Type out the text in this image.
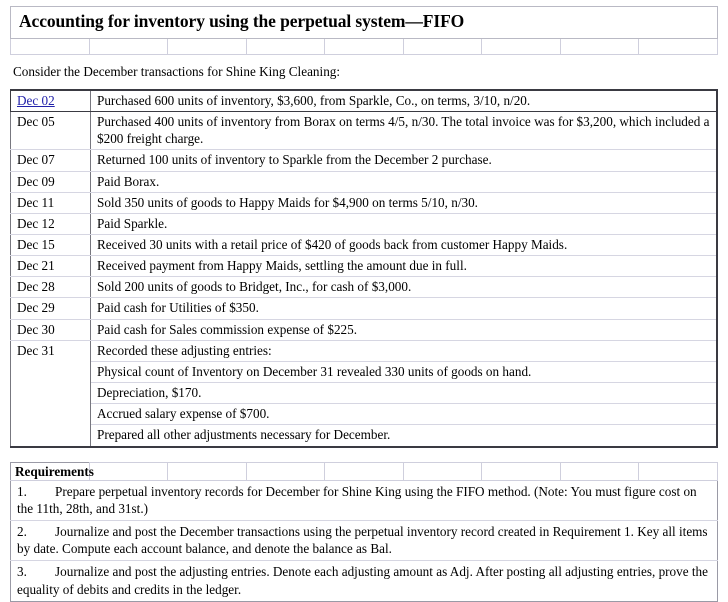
Accounting for inventory using the perpetual system—FIFO

Consider the December transactions for Shine King Cleaning:
Dec 02	Purchased 600 units of inventory, $3,600, from Sparkle, Co., on terms, 3/10, n/20.
Dec 05	Purchased 400 units of inventory from Borax on terms 4/5, n/30. The total invoice was for $3,200, which included a $200 freight charge.
Dec 07	Returned 100 units of inventory to Sparkle from the December 2 purchase.
Dec 09	Paid Borax.
Dec 11	Sold 350 units of goods to Happy Maids for $4,900 on terms 5/10, n/30.
Dec 12	Paid Sparkle.
Dec 15	Received 30 units with a retail price of $420 of goods back from customer Happy Maids.
Dec 21	Received payment from Happy Maids, settling the amount due in full.
Dec 28	Sold 200 units of goods to Bridget, Inc., for cash of $3,000.
Dec 29	Paid cash for Utilities of $350.
Dec 30	Paid cash for Sales commission expense of $225.
Dec 31	Recorded these adjusting entries:
	Physical count of Inventory on December 31 revealed 330 units of goods on hand.
	Depreciation, $170.
	Accrued salary expense of $700.
	Prepared all other adjustments necessary for December.
Requirements								
1. Prepare perpetual inventory records for December for Shine King using the FIFO method. (Note: You must figure cost on the 11th, 28th, and 31st.)
2. Journalize and post the December transactions using the perpetual inventory record created in Requirement 1. Key all items by date. Compute each account balance, and denote the balance as Bal.
3. Journalize and post the adjusting entries. Denote each adjusting amount as Adj. After posting all adjusting entries, prove the equality of debits and credits in the ledger.
